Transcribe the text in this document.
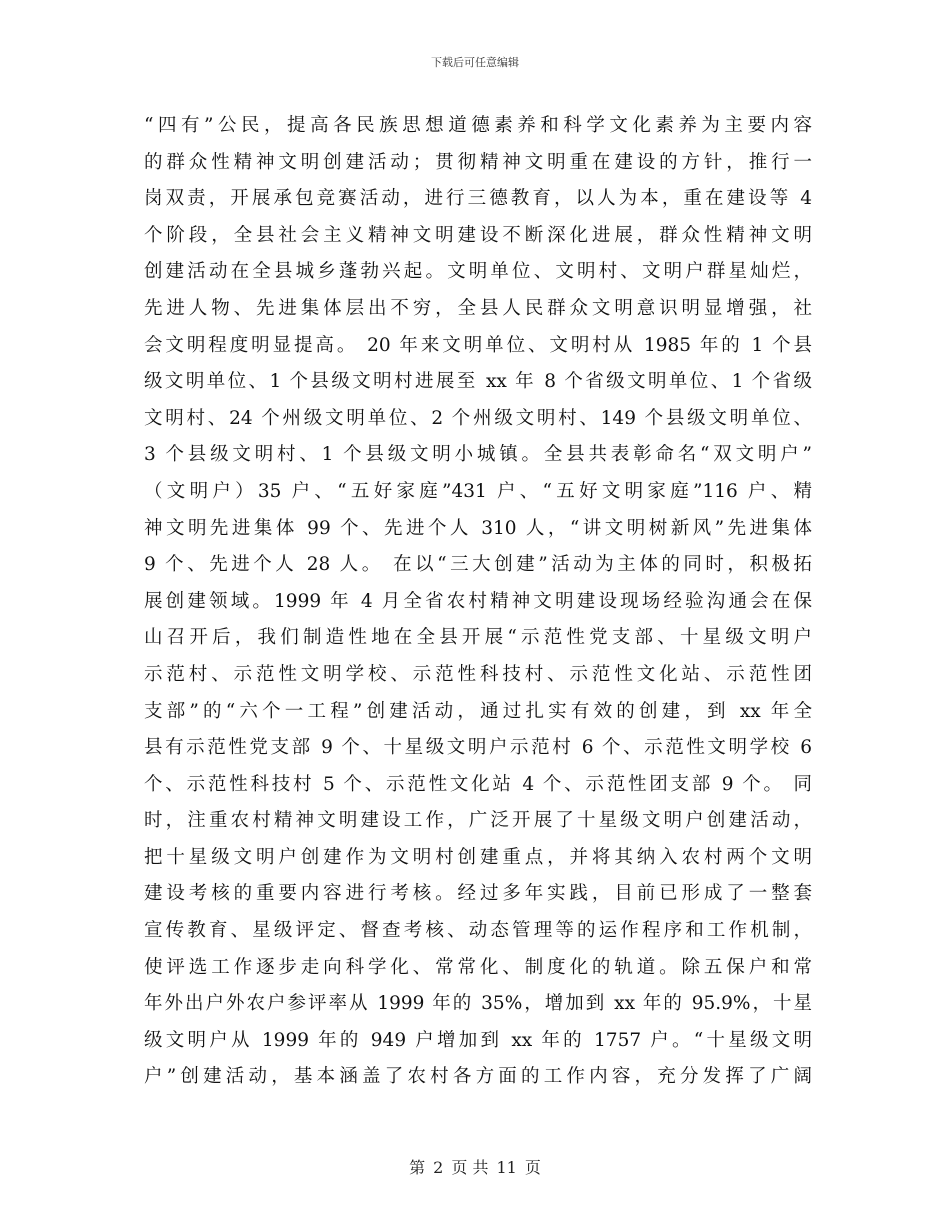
下载后可任意编辑
“四有”公民，提高各民族思想道德素养和科学文化素养为主要内容
的群众性精神文明创建活动；贯彻精神文明重在建设的方针，推行一
岗双责，开展承包竞赛活动，进行三德教育，以人为本，重在建设等 4
个阶段，全县社会主义精神文明建设不断深化进展，群众性精神文明
创建活动在全县城乡蓬勃兴起。文明单位、文明村、文明户群星灿烂，
先进人物、先进集体层出不穷，全县人民群众文明意识明显增强，社
会文明程度明显提高。 20 年来文明单位、文明村从 1985 年的 1 个县
级文明单位、1 个县级文明村进展至 xx 年 8 个省级文明单位、1 个省级
文明村、24 个州级文明单位、2 个州级文明村、149 个县级文明单位、
3 个县级文明村、1 个县级文明小城镇。全县共表彰命名“双文明户”
（文明户）35 户、“五好家庭”431 户、“五好文明家庭”116 户、精
神文明先进集体 99 个、先进个人 310 人，“讲文明树新风”先进集体
9 个、先进个人 28 人。 在以“三大创建”活动为主体的同时，积极拓
展创建领域。1999 年 4 月全省农村精神文明建设现场经验沟通会在保
山召开后，我们制造性地在全县开展“示范性党支部、十星级文明户
示范村、示范性文明学校、示范性科技村、示范性文化站、示范性团
支部”的“六个一工程”创建活动，通过扎实有效的创建，到 xx 年全
县有示范性党支部 9 个、十星级文明户示范村 6 个、示范性文明学校 6
个、示范性科技村 5 个、示范性文化站 4 个、示范性团支部 9 个。 同
时，注重农村精神文明建设工作，广泛开展了十星级文明户创建活动，
把十星级文明户创建作为文明村创建重点，并将其纳入农村两个文明
建设考核的重要内容进行考核。经过多年实践，目前已形成了一整套
宣传教育、星级评定、督查考核、动态管理等的运作程序和工作机制，
使评选工作逐步走向科学化、常常化、制度化的轨道。除五保户和常
年外出户外农户参评率从 1999 年的 35%，增加到 xx 年的 95.9%，十星
级文明户从 1999 年的 949 户增加到 xx 年的 1757 户。“十星级文明
户”创建活动，基本涵盖了农村各方面的工作内容，充分发挥了广阔
第 2 页 共 11 页
